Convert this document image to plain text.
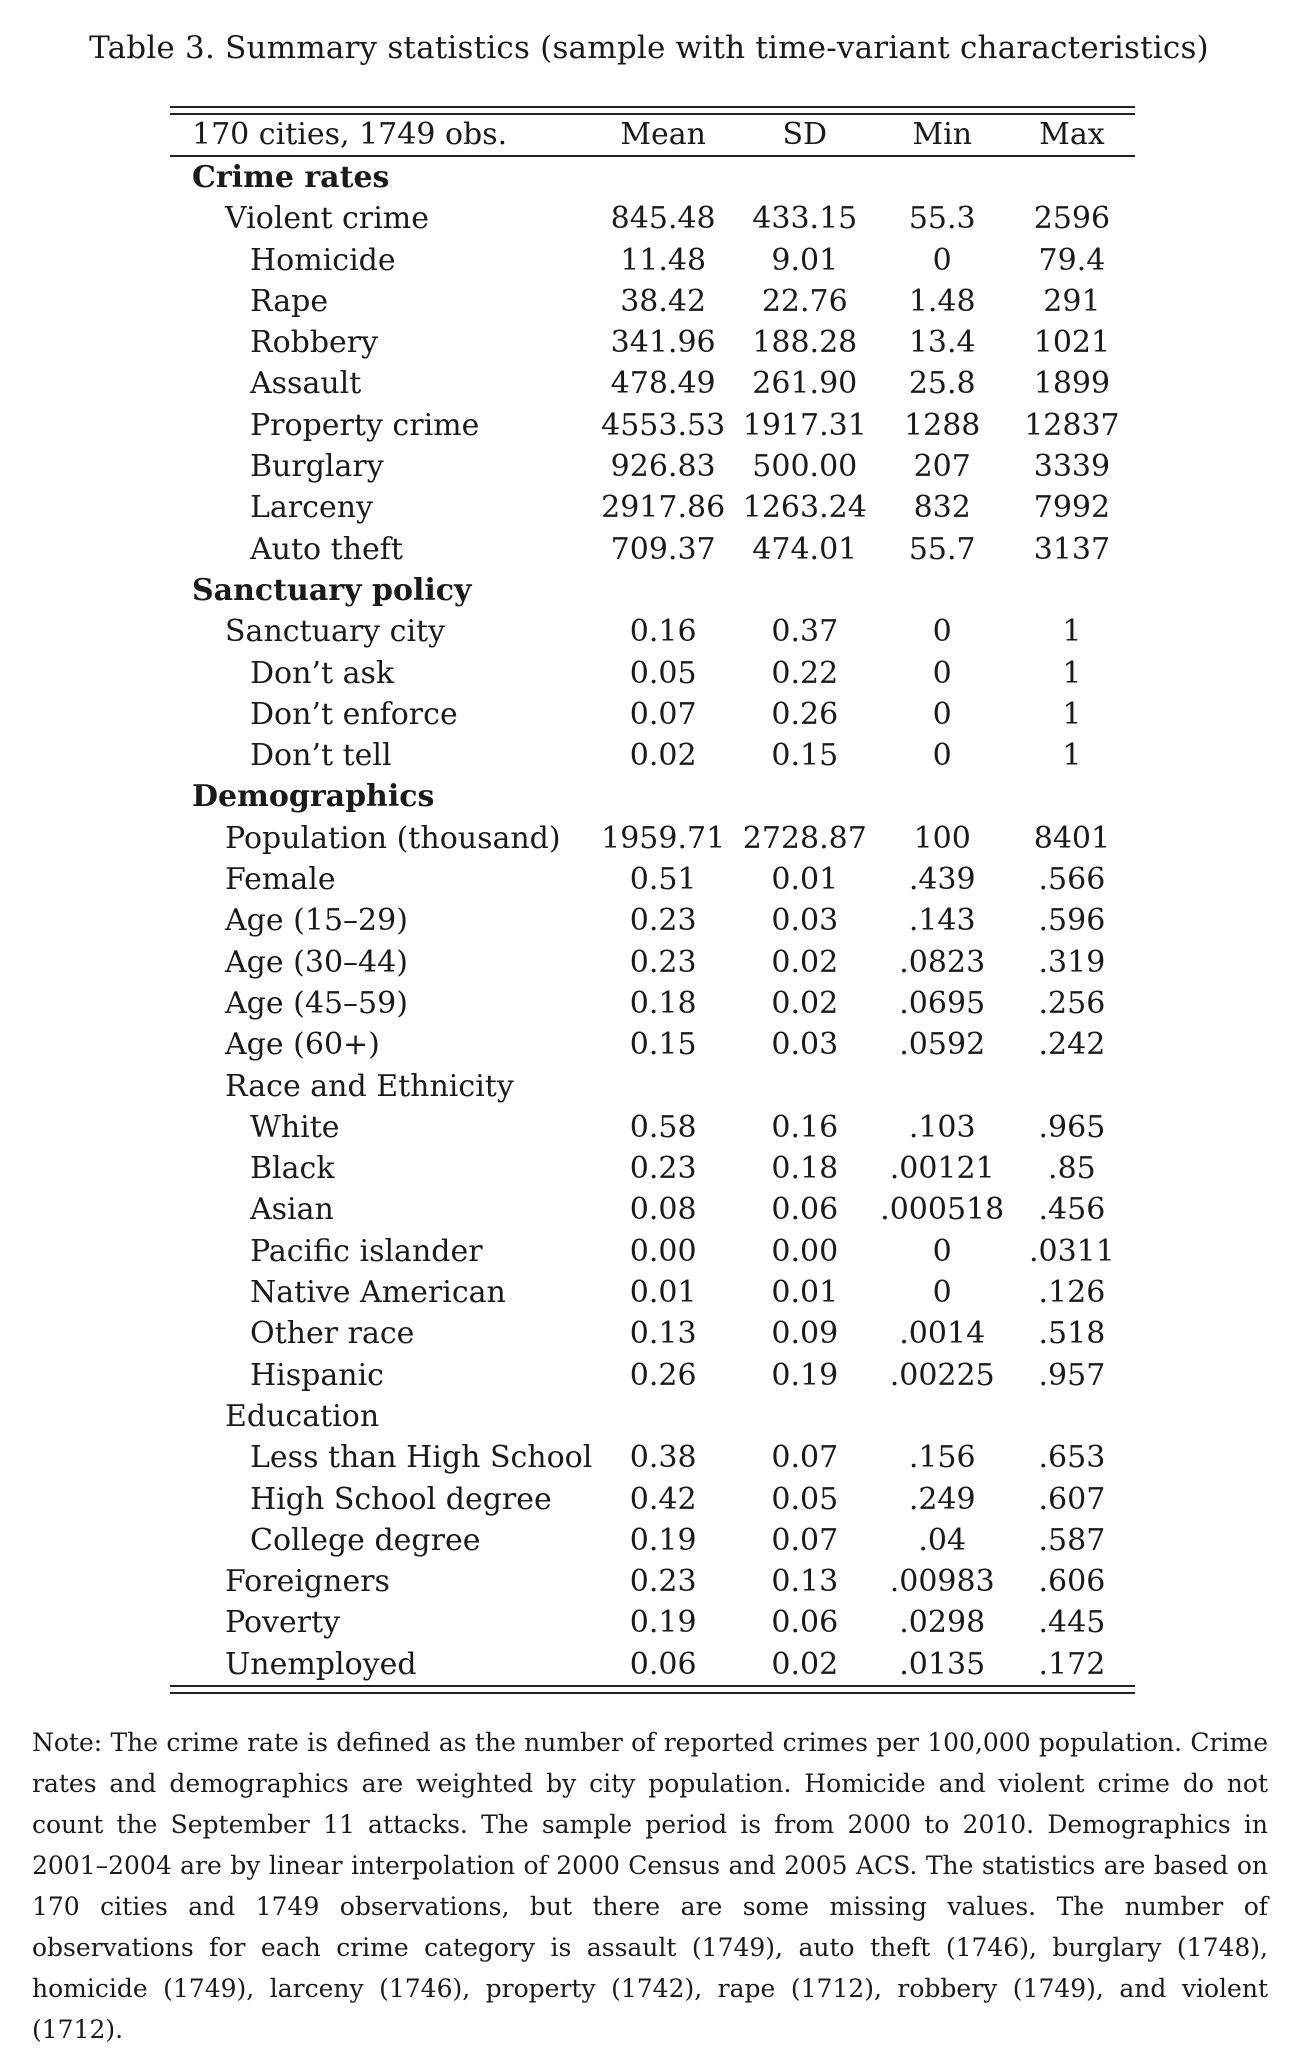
Table 3. Summary statistics (sample with time-variant characteristics)
170 cities, 1749 obs.	Mean	SD	Min	Max
Crime rates				
Violent crime	845.48	433.15	55.3	2596
Homicide	11.48	9.01	0	79.4
Rape	38.42	22.76	1.48	291
Robbery	341.96	188.28	13.4	1021
Assault	478.49	261.90	25.8	1899
Property crime	4553.53	1917.31	1288	12837
Burglary	926.83	500.00	207	3339
Larceny	2917.86	1263.24	832	7992
Auto theft	709.37	474.01	55.7	3137
Sanctuary policy				
Sanctuary city	0.16	0.37	0	1
Don’t ask	0.05	0.22	0	1
Don’t enforce	0.07	0.26	0	1
Don’t tell	0.02	0.15	0	1
Demographics				
Population (thousand)	1959.71	2728.87	100	8401
Female	0.51	0.01	.439	.566
Age (15–29)	0.23	0.03	.143	.596
Age (30–44)	0.23	0.02	.0823	.319
Age (45–59)	0.18	0.02	.0695	.256
Age (60+)	0.15	0.03	.0592	.242
Race and Ethnicity				
White	0.58	0.16	.103	.965
Black	0.23	0.18	.00121	.85
Asian	0.08	0.06	.000518	.456
Pacific islander	0.00	0.00	0	.0311
Native American	0.01	0.01	0	.126
Other race	0.13	0.09	.0014	.518
Hispanic	0.26	0.19	.00225	.957
Education				
Less than High School	0.38	0.07	.156	.653
High School degree	0.42	0.05	.249	.607
College degree	0.19	0.07	.04	.587
Foreigners	0.23	0.13	.00983	.606
Poverty	0.19	0.06	.0298	.445
Unemployed	0.06	0.02	.0135	.172
Note: The crime rate is defined as the number of reported crimes per 100,000 population. Crime rates and demographics are weighted by city population. Homicide and violent crime do not count the September 11 attacks. The sample period is from 2000 to 2010. Demographics in 2001–2004 are by linear interpolation of 2000 Census and 2005 ACS. The statistics are based on 170 cities and 1749 observations, but there are some missing values. The number of observations for each crime category is assault (1749), auto theft (1746), burglary (1748), homicide (1749), larceny (1746), property (1742), rape (1712), robbery (1749), and violent (1712).
